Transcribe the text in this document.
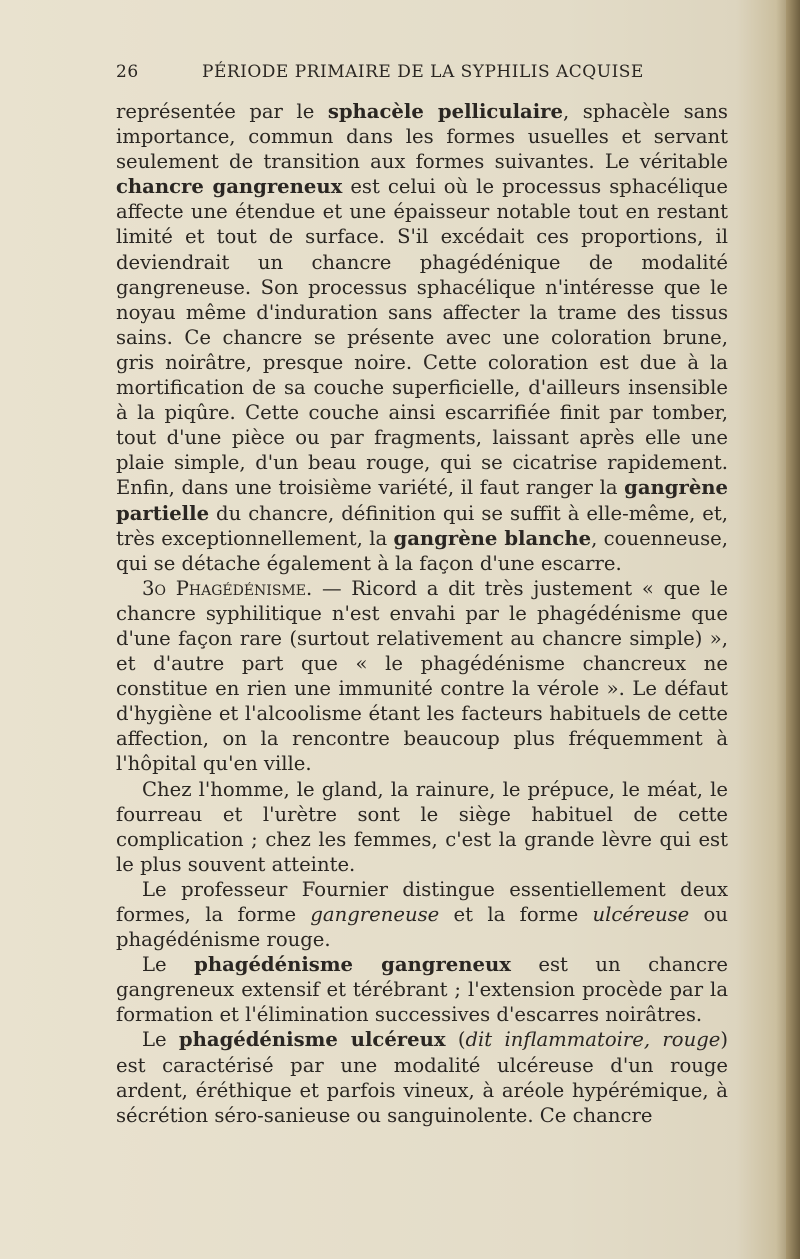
26	PÉRIODE PRIMAIRE DE LA SYPHILIS ACQUISE

représentée par le sphacèle pelliculaire, sphacèle sans importance, commun dans les formes usuelles et servant seulement de transition aux formes suivantes. Le véritable chancre gangreneux est celui où le processus sphacélique affecte une étendue et une épaisseur notable tout en restant limité et tout de surface. S'il excédait ces proportions, il deviendrait un chancre phagédénique de modalité gangreneuse. Son processus sphacélique n'intéresse que le noyau même d'induration sans affecter la trame des tissus sains. Ce chancre se présente avec une coloration brune, gris noirâtre, presque noire. Cette coloration est due à la mortification de sa couche superficielle, d'ailleurs insensible à la piqûre. Cette couche ainsi escarrifiée finit par tomber, tout d'une pièce ou par fragments, laissant après elle une plaie simple, d'un beau rouge, qui se cicatrise rapidement. Enfin, dans une troisième variété, il faut ranger la gangrène partielle du chancre, définition qui se suffit à elle-même, et, très exceptionnellement, la gangrène blanche, couenneuse, qui se détache également à la façon d'une escarre.

3o Phagédénisme. — Ricord a dit très justement « que le chancre syphilitique n'est envahi par le phagédénisme que d'une façon rare (surtout relativement au chancre simple) », et d'autre part que « le phagédénisme chancreux ne constitue en rien une immunité contre la vérole ». Le défaut d'hygiène et l'alcoolisme étant les facteurs habituels de cette affection, on la rencontre beaucoup plus fréquemment à l'hôpital qu'en ville.

Chez l'homme, le gland, la rainure, le prépuce, le méat, le fourreau et l'urètre sont le siège habituel de cette complication ; chez les femmes, c'est la grande lèvre qui est le plus souvent atteinte.

Le professeur Fournier distingue essentiellement deux formes, la forme gangreneuse et la forme ulcéreuse ou phagédénisme rouge.

Le phagédénisme gangreneux est un chancre gangreneux extensif et térébrant ; l'extension procède par la formation et l'élimination successives d'escarres noirâtres.

Le phagédénisme ulcéreux (dit inflammatoire, rouge) est caractérisé par une modalité ulcéreuse d'un rouge ardent, éréthique et parfois vineux, à aréole hypérémique, à sécrétion séro-sanieuse ou sanguinolente. Ce chancre
